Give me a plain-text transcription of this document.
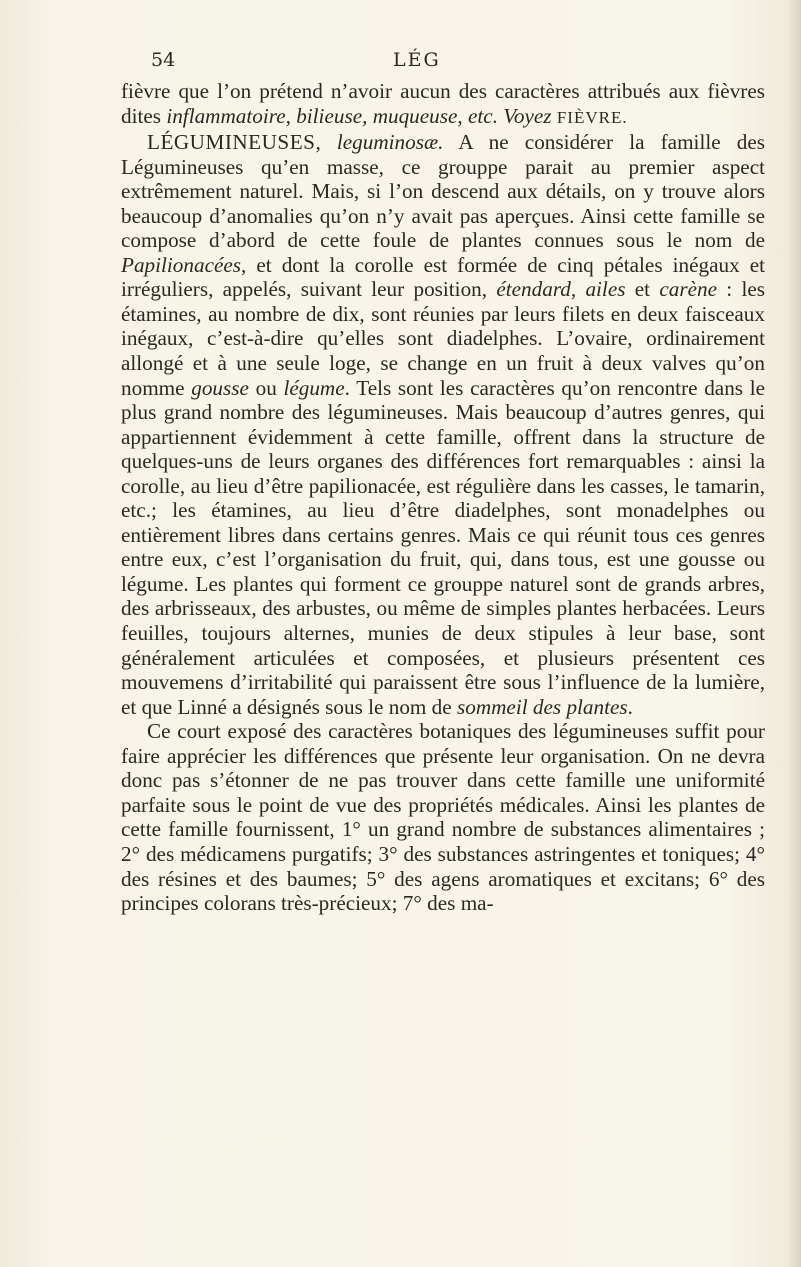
54	LÉG

fièvre que l’on prétend n’avoir aucun des caractères attribués aux fièvres dites inflammatoire, bilieuse, muqueuse, etc. Voyez FIÈVRE.

LÉGUMINEUSES, leguminosæ. A ne considérer la famille des Légumineuses qu’en masse, ce grouppe parait au premier aspect extrêmement naturel. Mais, si l’on descend aux détails, on y trouve alors beaucoup d’anomalies qu’on n’y avait pas aperçues. Ainsi cette famille se compose d’abord de cette foule de plantes connues sous le nom de Papilionacées, et dont la corolle est formée de cinq pétales inégaux et irréguliers, appelés, suivant leur position, étendard, ailes et carène : les étamines, au nombre de dix, sont réunies par leurs filets en deux faisceaux inégaux, c’est-à-dire qu’elles sont diadelphes. L’ovaire, ordinairement allongé et à une seule loge, se change en un fruit à deux valves qu’on nomme gousse ou légume. Tels sont les caractères qu’on rencontre dans le plus grand nombre des légumineuses. Mais beaucoup d’autres genres, qui appartiennent évidemment à cette famille, offrent dans la structure de quelques-uns de leurs organes des différences fort remarquables : ainsi la corolle, au lieu d’être papilionacée, est régulière dans les casses, le tamarin, etc.; les étamines, au lieu d’être diadelphes, sont monadelphes ou entièrement libres dans certains genres. Mais ce qui réunit tous ces genres entre eux, c’est l’organisation du fruit, qui, dans tous, est une gousse ou légume. Les plantes qui forment ce grouppe naturel sont de grands arbres, des arbrisseaux, des arbustes, ou même de simples plantes herbacées. Leurs feuilles, toujours alternes, munies de deux stipules à leur base, sont généralement articulées et composées, et plusieurs présentent ces mouvemens d’irritabilité qui paraissent être sous l’influence de la lumière, et que Linné a désignés sous le nom de sommeil des plantes.

Ce court exposé des caractères botaniques des légumineuses suffit pour faire apprécier les différences que présente leur organisation. On ne devra donc pas s’étonner de ne pas trouver dans cette famille une uniformité parfaite sous le point de vue des propriétés médicales. Ainsi les plantes de cette famille fournissent, 1° un grand nombre de substances alimentaires ; 2° des médicamens purgatifs; 3° des substances astringentes et toniques; 4° des résines et des baumes; 5° des agens aromatiques et excitans; 6° des principes colorans très-précieux; 7° des ma-
